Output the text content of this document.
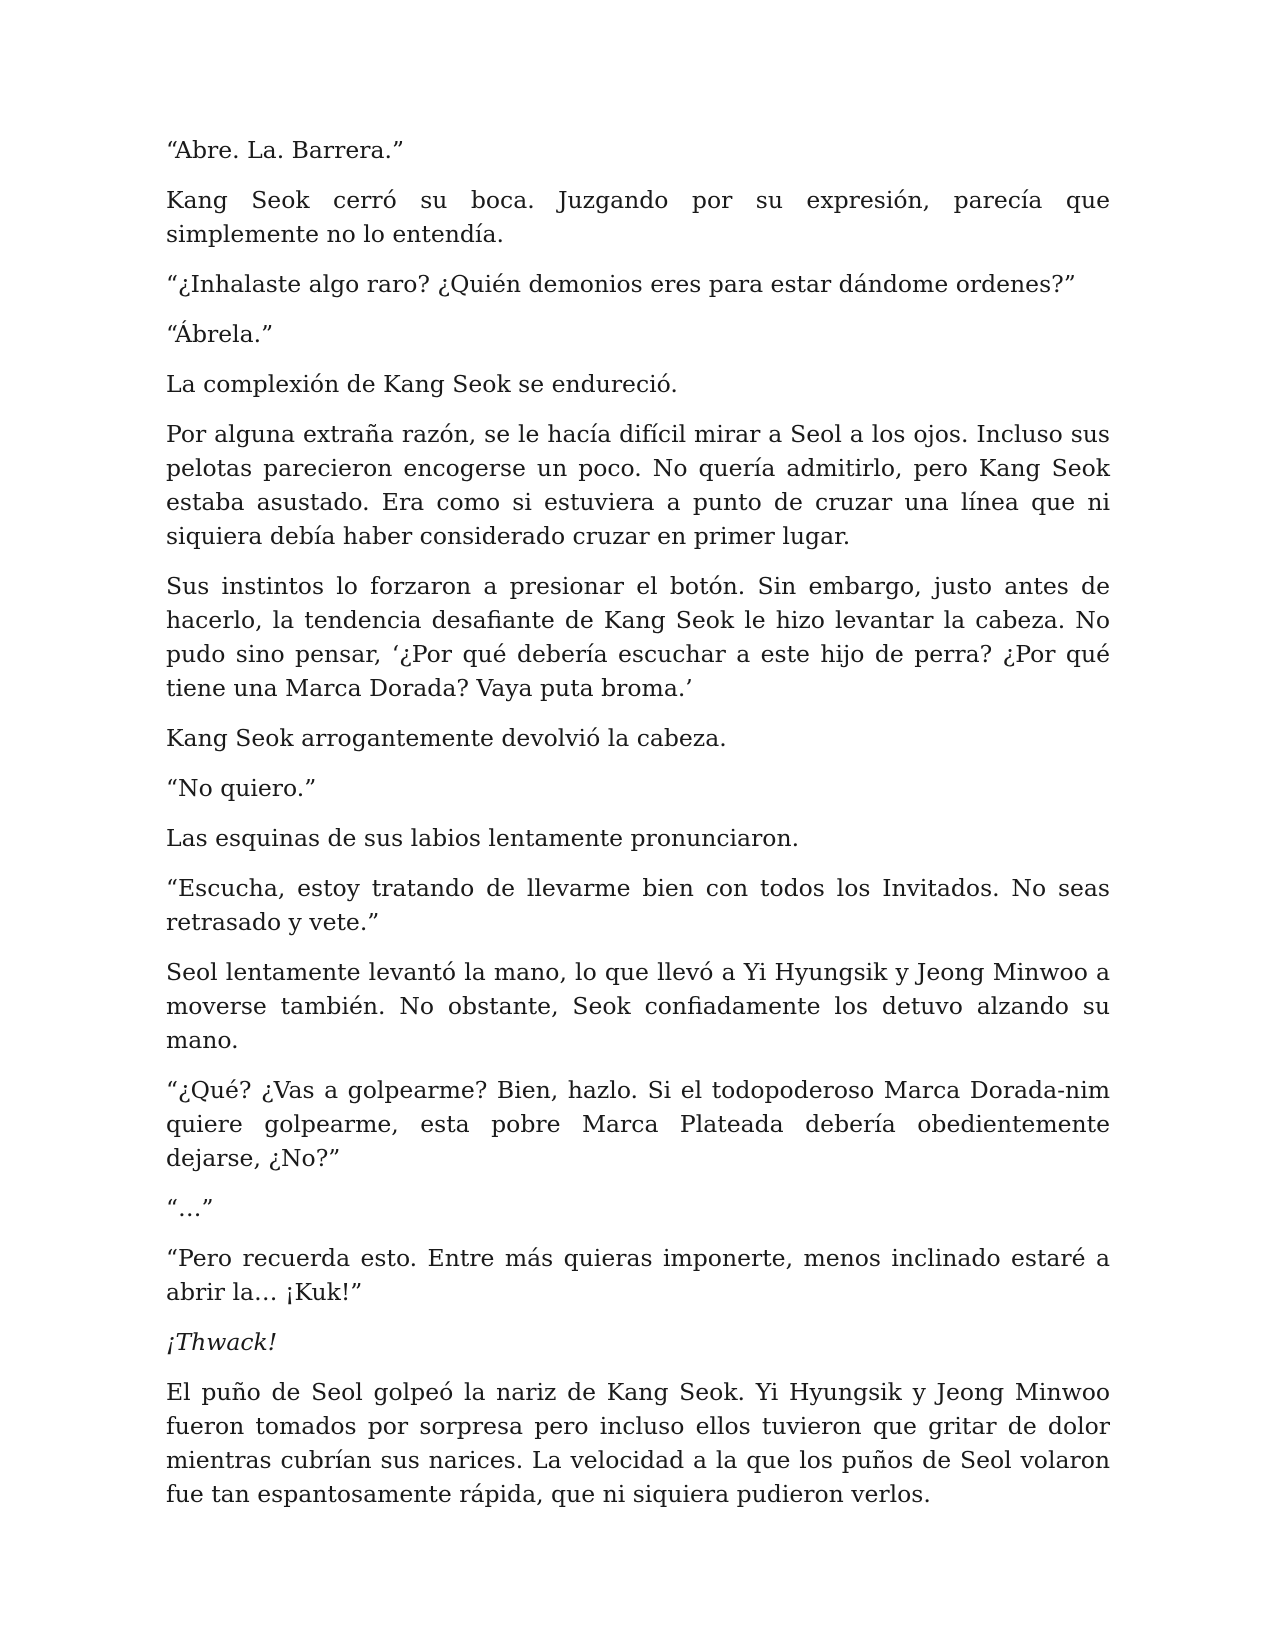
“Abre. La. Barrera.”

Kang Seok cerró su boca. Juzgando por su expresión, parecía que simplemente no lo entendía.

“¿Inhalaste algo raro? ¿Quién demonios eres para estar dándome ordenes?”

“Ábrela.”

La complexión de Kang Seok se endureció.

Por alguna extraña razón, se le hacía difícil mirar a Seol a los ojos. Incluso sus pelotas parecieron encogerse un poco. No quería admitirlo, pero Kang Seok estaba asustado. Era como si estuviera a punto de cruzar una línea que ni siquiera debía haber considerado cruzar en primer lugar.

Sus instintos lo forzaron a presionar el botón. Sin embargo, justo antes de hacerlo, la tendencia desafiante de Kang Seok le hizo levantar la cabeza. No pudo sino pensar, ‘¿Por qué debería escuchar a este hijo de perra? ¿Por qué tiene una Marca Dorada? Vaya puta broma.’

Kang Seok arrogantemente devolvió la cabeza.

“No quiero.”

Las esquinas de sus labios lentamente pronunciaron.

“Escucha, estoy tratando de llevarme bien con todos los Invitados. No seas retrasado y vete.”

Seol lentamente levantó la mano, lo que llevó a Yi Hyungsik y Jeong Minwoo a moverse también. No obstante, Seok confiadamente los detuvo alzando su mano.

“¿Qué? ¿Vas a golpearme? Bien, hazlo. Si el todopoderoso Marca Dorada-nim quiere golpearme, esta pobre Marca Plateada debería obedientemente dejarse, ¿No?”

“…”

“Pero recuerda esto. Entre más quieras imponerte, menos inclinado estaré a abrir la… ¡Kuk!”

¡Thwack!

El puño de Seol golpeó la nariz de Kang Seok. Yi Hyungsik y Jeong Minwoo fueron tomados por sorpresa pero incluso ellos tuvieron que gritar de dolor mientras cubrían sus narices. La velocidad a la que los puños de Seol volaron fue tan espantosamente rápida, que ni siquiera pudieron verlos.
